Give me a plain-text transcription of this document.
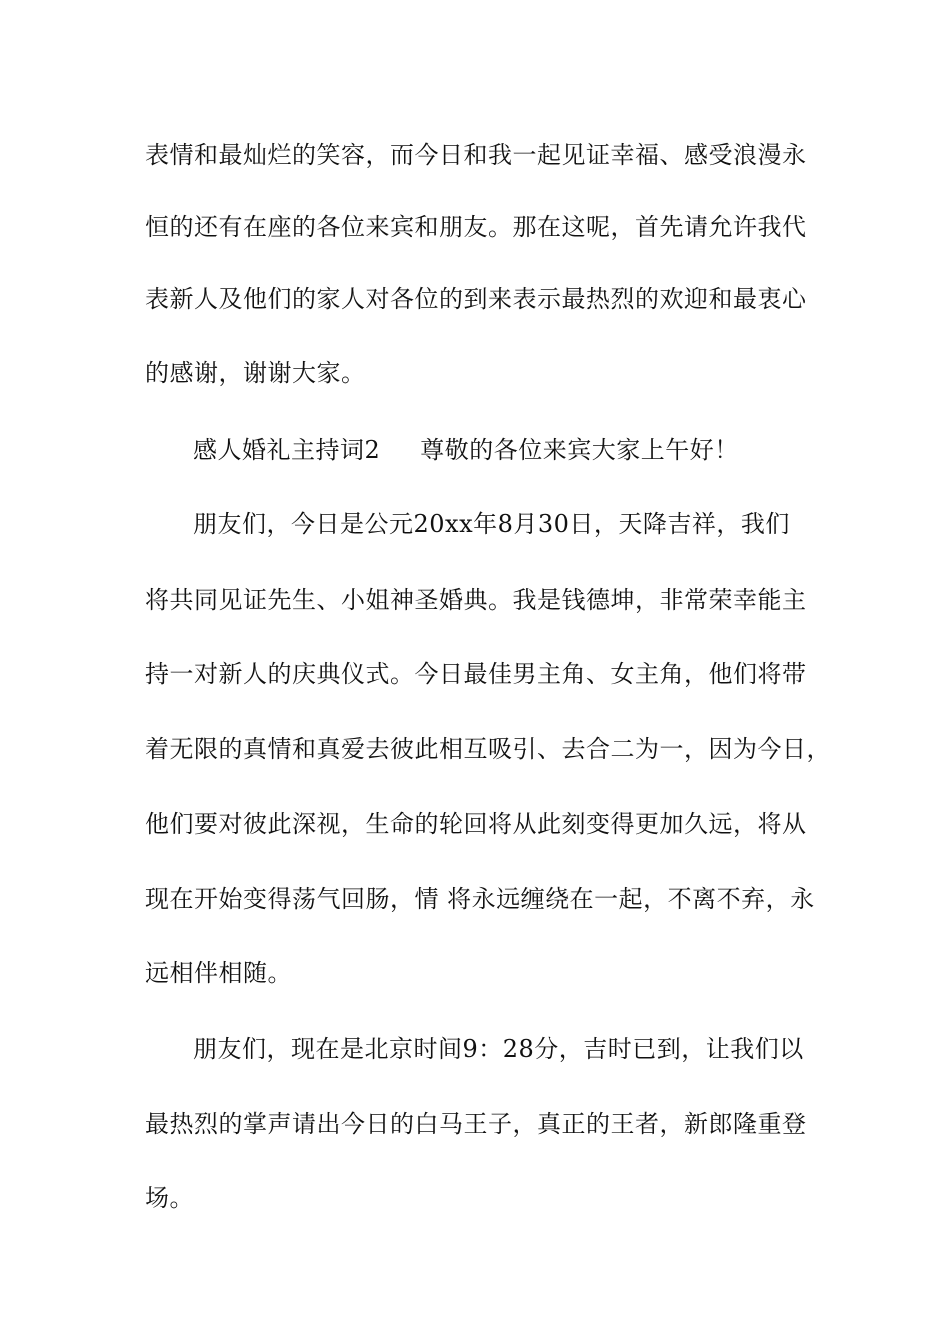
表情和最灿烂的笑容，而今日和我一起见证幸福、感受浪漫永
恒的还有在座的各位来宾和朋友。那在这呢，首先请允许我代
表新人及他们的家人对各位的到来表示最热烈的欢迎和最衷心
的感谢，谢谢大家。
感人婚礼主持词2 尊敬的各位来宾大家上午好！
朋友们，今日是公元20xx年8月30日，天降吉祥，我们
将共同见证先生、小姐神圣婚典。我是钱德坤，非常荣幸能主
持一对新人的庆典仪式。今日最佳男主角、女主角，他们将带
着无限的真情和真爱去彼此相互吸引、去合二为一，因为今日，
他们要对彼此深视，生命的轮回将从此刻变得更加久远，将从
现在开始变得荡气回肠，情 将永远缠绕在一起，不离不弃，永
远相伴相随。
朋友们，现在是北京时间9：28分，吉时已到，让我们以
最热烈的掌声请出今日的白马王子，真正的王者，新郎隆重登
场。
